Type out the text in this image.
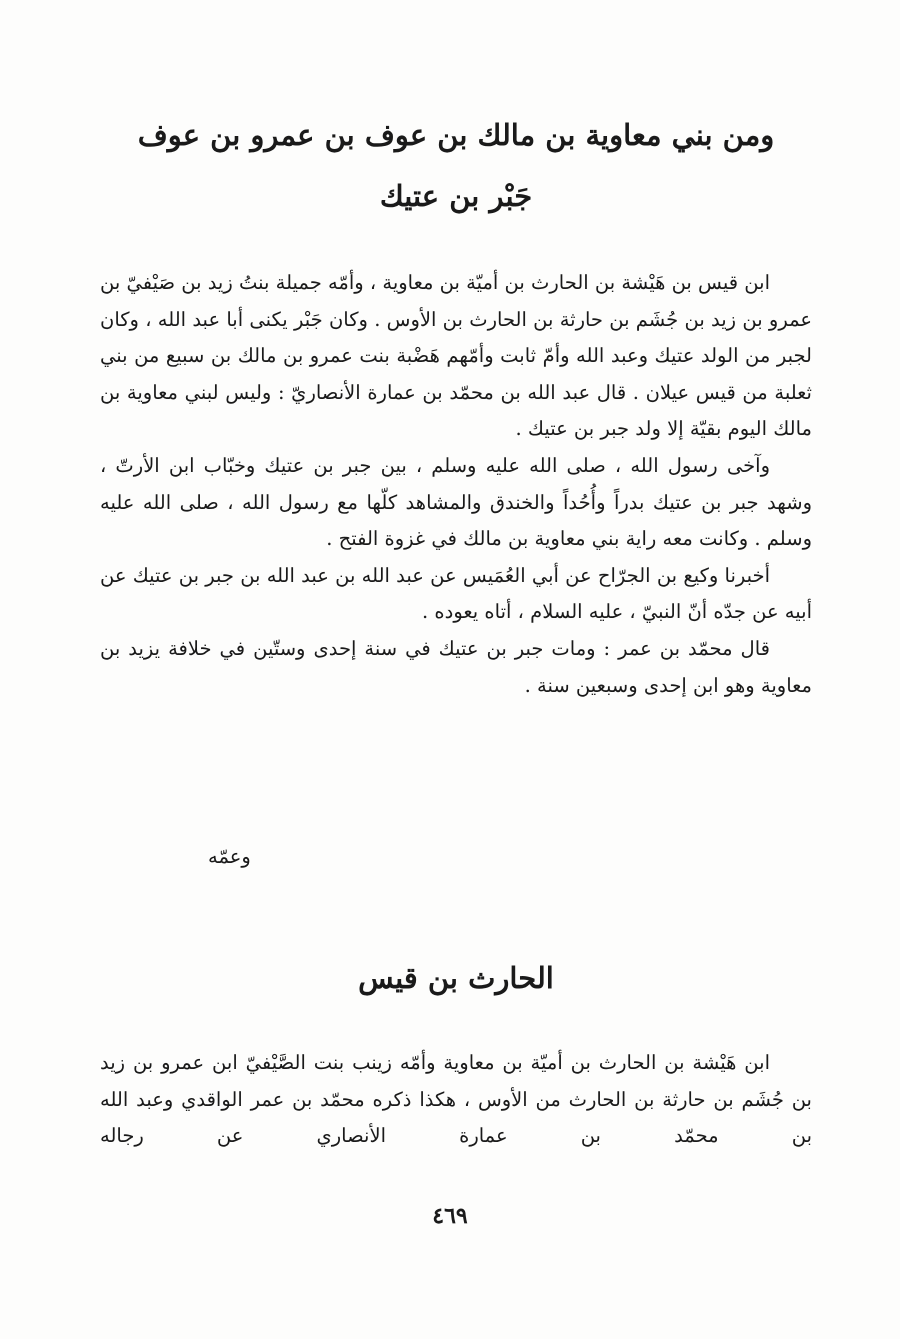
ومن بني معاوية بن مالك بن عوف بن عمرو بن عوف
جَبْر بن عتيك

ابن قيس بن هَيْشة بن الحارث بن أميّة بن معاوية ، وأمّه جميلة بنتُ زيد بن صَيْفيّ بن عمرو بن زيد بن جُشَم بن حارثة بن الحارث بن الأوس . وكان جَبْر يكنى أبا عبد الله ، وكان لجبر من الولد عتيك وعبد الله وأمّ ثابت وأمّهم هَضْبة بنت عمرو بن مالك بن سبيع من بني ثعلبة من قيس عيلان . قال عبد الله بن محمّد بن عمارة الأنصاريّ : وليس لبني معاوية بن مالك اليوم بقيّة إلا ولد جبر بن عتيك .

وآخى رسول الله ، صلى الله عليه وسلم ، بين جبر بن عتيك وخبّاب ابن الأرتّ ، وشهد جبر بن عتيك بدراً وأُحُداً والخندق والمشاهد كلّها مع رسول الله ، صلى الله عليه وسلم . وكانت معه راية بني معاوية بن مالك في غزوة الفتح .

أخبرنا وكيع بن الجرّاح عن أبي العُمَيس عن عبد الله بن عبد الله بن جبر بن عتيك عن أبيه عن جدّه أنّ النبيّ ، عليه السلام ، أتاه يعوده .

قال محمّد بن عمر : ومات جبر بن عتيك في سنة إحدى وستّين في خلافة يزيد بن معاوية وهو ابن إحدى وسبعين سنة .

وعمّه
الحارث بن قيس

ابن هَيْشة بن الحارث بن أميّة بن معاوية وأمّه زينب بنت الصَّيْفيّ ابن عمرو بن زيد بن جُشَم بن حارثة بن الحارث من الأوس ، هكذا ذكره محمّد بن عمر الواقدي وعبد الله بن محمّد بن عمارة الأنصاري عن رجاله

٤٦٩
